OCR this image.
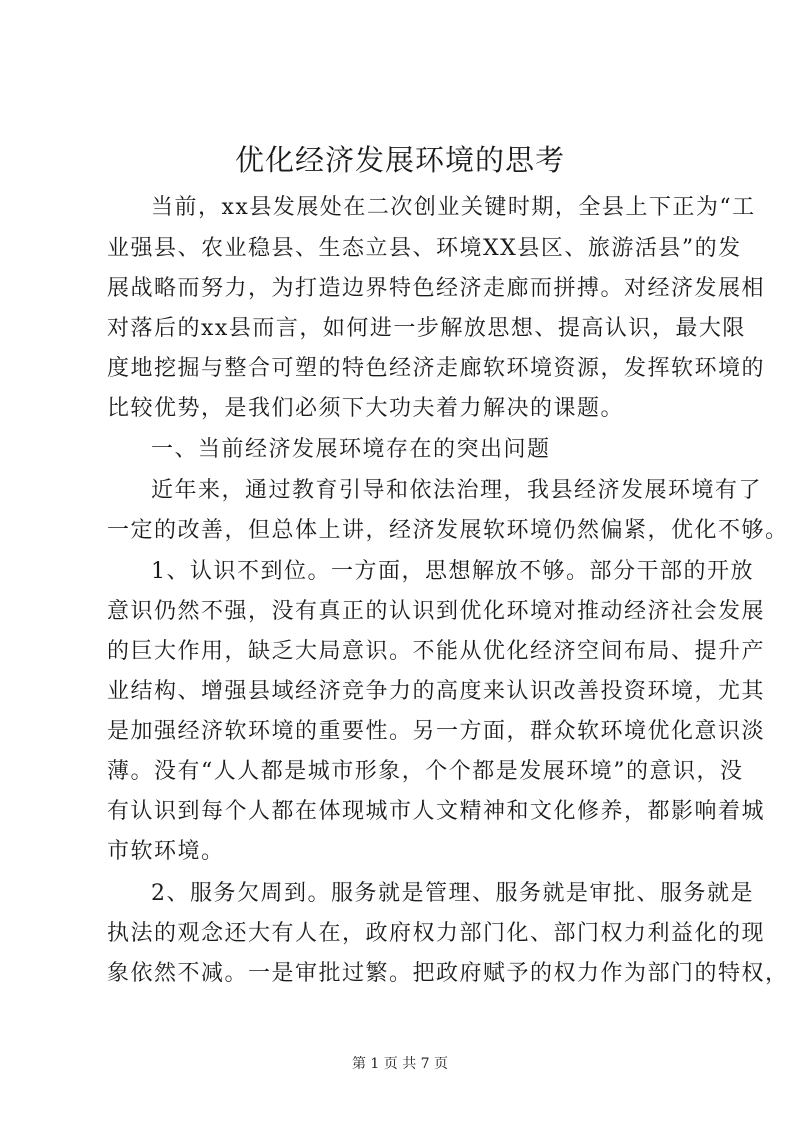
优化经济发展环境的思考
当前，xx县发展处在二次创业关键时期，全县上下正为“工
业强县、农业稳县、生态立县、环境XX县区、旅游活县”的发
展战略而努力，为打造边界特色经济走廊而拼搏。对经济发展相
对落后的xx县而言，如何进一步解放思想、提高认识，最大限
度地挖掘与整合可塑的特色经济走廊软环境资源，发挥软环境的
比较优势，是我们必须下大功夫着力解决的课题。
一、当前经济发展环境存在的突出问题
近年来，通过教育引导和依法治理，我县经济发展环境有了
一定的改善，但总体上讲，经济发展软环境仍然偏紧，优化不够。
1、认识不到位。一方面，思想解放不够。部分干部的开放
意识仍然不强，没有真正的认识到优化环境对推动经济社会发展
的巨大作用，缺乏大局意识。不能从优化经济空间布局、提升产
业结构、增强县域经济竞争力的高度来认识改善投资环境，尤其
是加强经济软环境的重要性。另一方面，群众软环境优化意识淡
薄。没有“人人都是城市形象，个个都是发展环境”的意识，没
有认识到每个人都在体现城市人文精神和文化修养，都影响着城
市软环境。
2、服务欠周到。服务就是管理、服务就是审批、服务就是
执法的观念还大有人在，政府权力部门化、部门权力利益化的现
象依然不减。一是审批过繁。把政府赋予的权力作为部门的特权，
第 1 页 共 7 页
